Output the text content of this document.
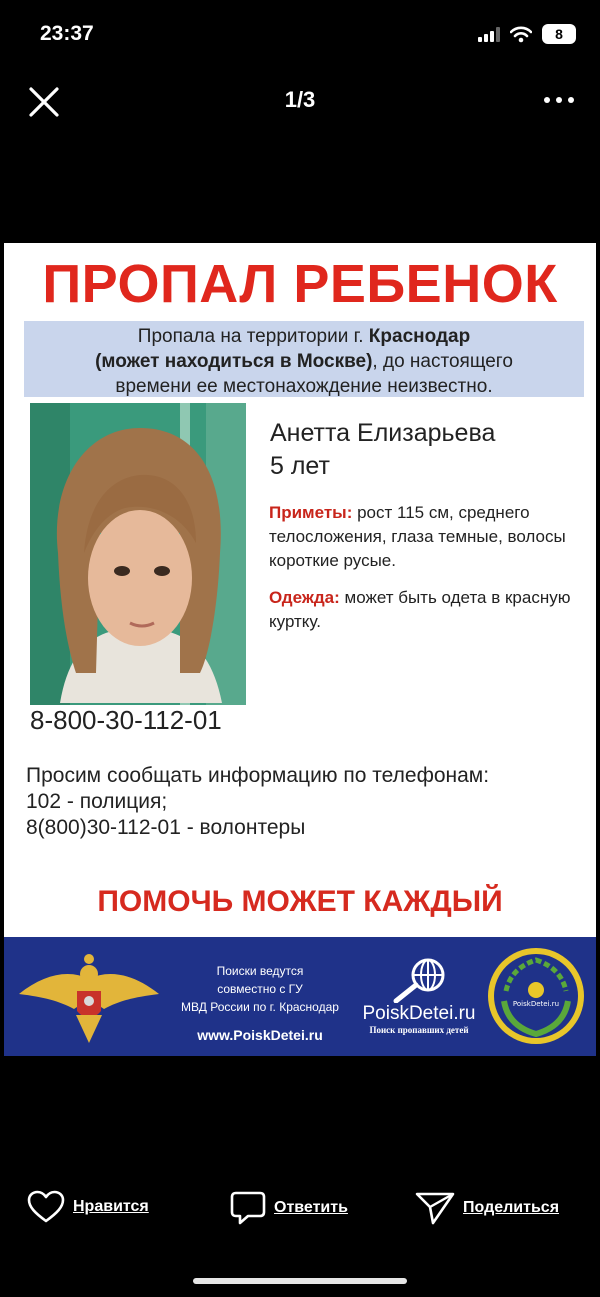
23:37	8
1/3
ПРОПАЛ РЕБЕНОК
Пропала на территории г. Краснодар
(может находиться в Москве), до настоящего
времени ее местонахождение неизвестно.
Анетта Елизарьева
5 лет
Приметы: рост 115 см, среднего телосложения, глаза темные, волосы короткие русые.
Одежда: может быть одета в красную куртку.
8-800-30-112-01
Просим сообщать информацию по телефонам:
102 - полиция;
8(800)30-112-01 - волонтеры
ПОМОЧЬ МОЖЕТ КАЖДЫЙ
Поиски ведутся
совместно с ГУ
МВД России по г. Краснодар
www.PoiskDetei.ru
PoiskDetei.ru
Поиск пропавших детей
PoiskDetei.ru
Нравится	Ответить	Поделиться
